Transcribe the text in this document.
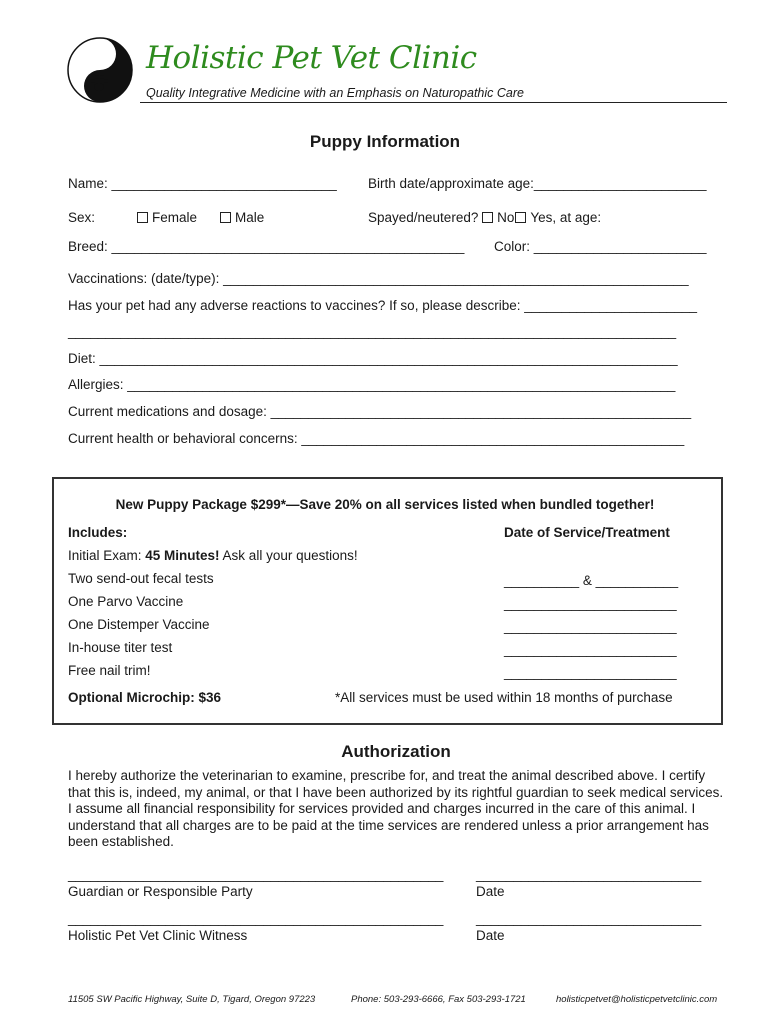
Holistic Pet Vet Clinic
Quality Integrative Medicine with an Emphasis on Naturopathic Care
Puppy Information
Name: ______________________________ Birth date/approximate age:_______________________
Sex:	Female	Male	Spayed/neutered? No Yes, at age:
Breed: _______________________________________________ Color: _______________________
Vaccinations: (date/type): ______________________________________________________________
Has your pet had any adverse reactions to vaccines? If so, please describe: _______________________
_________________________________________________________________________________
Diet: _____________________________________________________________________________
Allergies: _________________________________________________________________________
Current medications and dosage: ________________________________________________________
Current health or behavioral concerns: ___________________________________________________
New Puppy Package $299*—Save 20% on all services listed when bundled together!
Includes:	Date of Service/Treatment
Initial Exam: 45 Minutes! Ask all your questions!
Two send-out fecal tests	__________ & ___________
One Parvo Vaccine	_______________________
One Distemper Vaccine	_______________________
In-house titer test	_______________________
Free nail trim!	_______________________
Optional Microchip: $36	*All services must be used within 18 months of purchase
Authorization
I hereby authorize the veterinarian to examine, prescribe for, and treat the animal described above. I certify that this is, indeed, my animal, or that I have been authorized by its rightful guardian to seek medical services. I assume all financial responsibility for services provided and charges incurred in the care of this animal. I understand that all charges are to be paid at the time services are rendered unless a prior arrangement has been established.
__________________________________________________ ______________________________
Guardian or Responsible Party	Date
__________________________________________________ ______________________________
Holistic Pet Vet Clinic Witness	Date
11505 SW Pacific Highway, Suite D, Tigard, Oregon 97223	Phone: 503-293-6666, Fax 503-293-1721	holisticpetvet@holisticpetvetclinic.com
